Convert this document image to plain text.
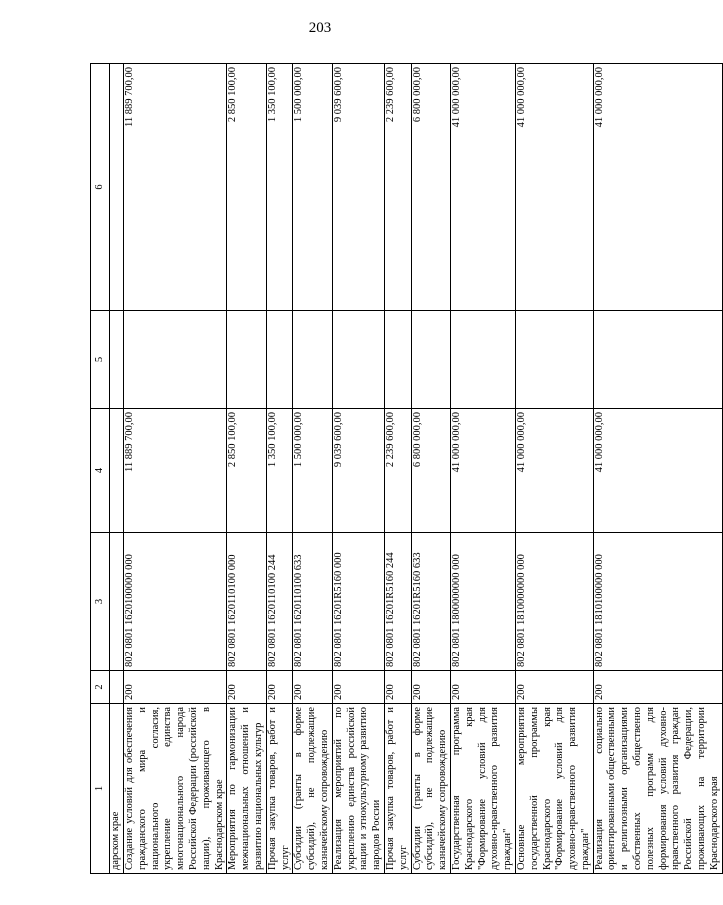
203
1	2	3	4	5	6
дарском крае					
Создание условий для обеспечения гражданского мира и национального согласия, укрепление единства многонационального народа Российской Федерации (российской нации), проживающего в Краснодарском крае	200	802 0801 1620100000 000	11 889 700,00		11 889 700,00
Мероприятия по гармонизации межнациональных отношений и развитию национальных культур	200	802 0801 1620110100 000	2 850 100,00		2 850 100,00
Прочая закупка товаров, работ и услуг	200	802 0801 1620110100 244	1 350 100,00		1 350 100,00
Субсидии (гранты в форме субсидий), не подлежащие казначейскому сопровождению	200	802 0801 1620110100 633	1 500 000,00		1 500 000,00
Реализация мероприятий по укреплению единства российской нации и этнокультурному развитию народов России	200	802 0801 16201R5160 000	9 039 600,00		9 039 600,00
Прочая закупка товаров, работ и услуг	200	802 0801 16201R5160 244	2 239 600,00		2 239 600,00
Субсидии (гранты в форме субсидий), не подлежащие казначейскому сопровождению	200	802 0801 16201R5160 633	6 800 000,00		6 800 000,00
Государственная программа Краснодарского края "Формирование условий для духовно-нравственного развития граждан"	200	802 0801 1800000000 000	41 000 000,00		41 000 000,00
Основные мероприятия государственной программы Краснодарского края "Формирование условий для духовно-нравственного развития граждан"	200	802 0801 1810000000 000	41 000 000,00		41 000 000,00
Реализация социально ориентированными общественными и религиозными организациями собственных общественно полезных программ для формирования условий духовно-нравственного развития граждан Российской Федерации, проживающих на территории Краснодарского края	200	802 0801 1810100000 000	41 000 000,00		41 000 000,00
